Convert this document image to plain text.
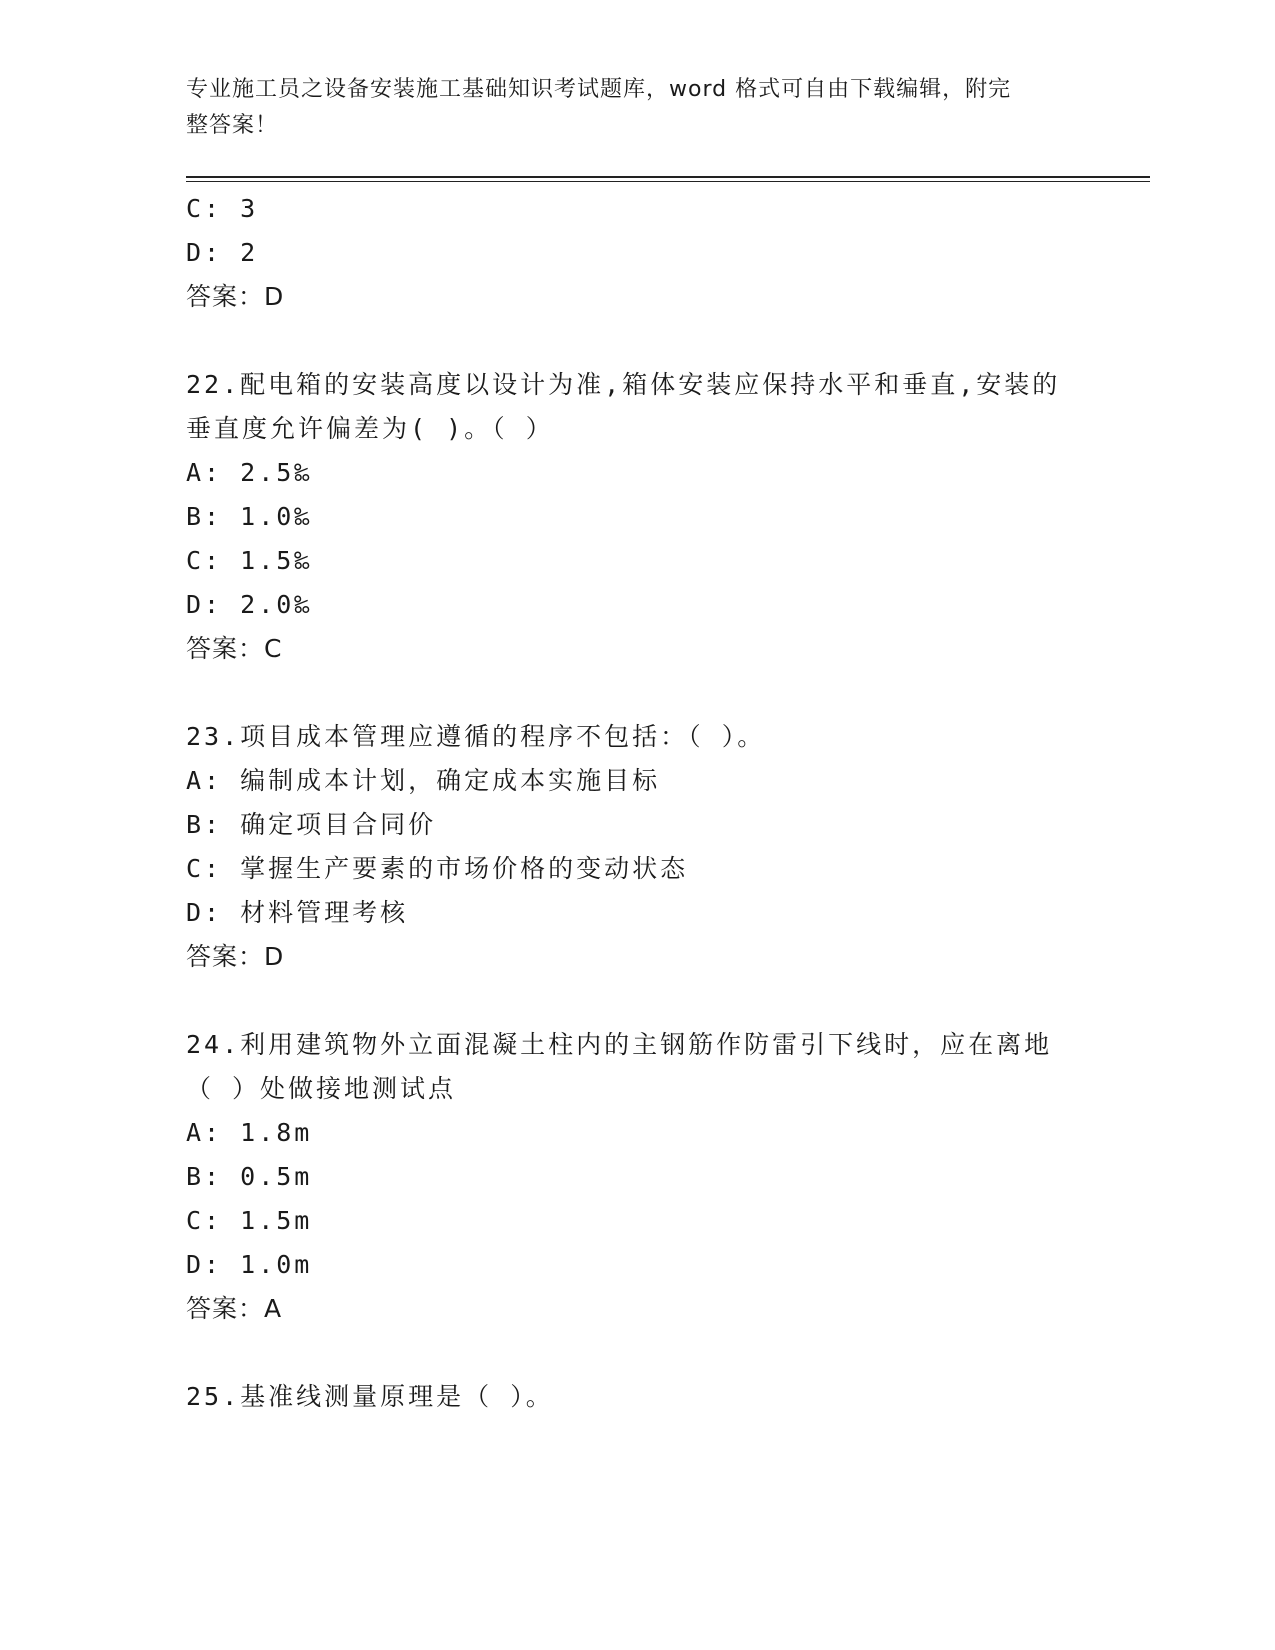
专业施工员之设备安装施工基础知识考试题库，word 格式可自由下载编辑，附完
整答案！
C: 3
D: 2
答案：D
22.配电箱的安装高度以设计为准,箱体安装应保持水平和垂直,安装的
垂直度允许偏差为( )。（ ）
A: 2.5‰
B: 1.0‰
C: 1.5‰
D: 2.0‰
答案：C
23.项目成本管理应遵循的程序不包括：（ ）。
A: 编制成本计划，确定成本实施目标
B: 确定项目合同价
C: 掌握生产要素的市场价格的变动状态
D: 材料管理考核
答案：D
24.利用建筑物外立面混凝土柱内的主钢筋作防雷引下线时，应在离地
（ ）处做接地测试点
A: 1.8m
B: 0.5m
C: 1.5m
D: 1.0m
答案：A
25.基准线测量原理是（ ）。
